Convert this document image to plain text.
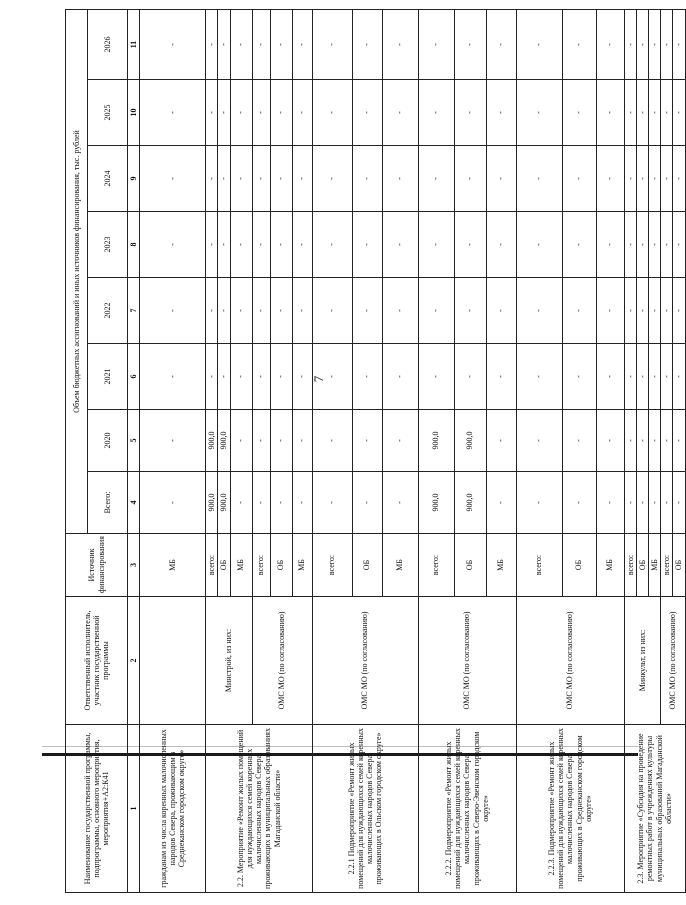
7
Наименование государственной программы, подпрограммы, основного мероприятия, мероприятия+А2:К41	Ответственный исполнитель, участник государственной программы	Источник финансирования	Объем бюджетных ассигнований и иных источников финансирования, тыс. рублей							
			Всего:	2020	2021	2022	2023	2024	2025	2026
1	2	3	4	5	6	7	8	9	10	11
гражданам из числа коренных малочисленных народов Севера, проживающим в Среднеканском городском округе»		МБ	-	-	-	-	-	-	-	-
2.2. Мероприятие «Ремонт жилых помещений для нуждающихся семей коренных малочисленных народов Севера, проживающих в муниципальных образованиях Магаданской области»	Минстрой, из них:	всего:	900,0	900,0	-	-	-	-	-	-
		ОБ	900,0	900,0	-	-	-	-	-	-
		МБ	-	-	-	-	-	-	-	-
	ОМС МО (по согласованию)	всего:	-	-	-	-	-	-	-	-
		ОБ	-	-	-	-	-	-	-	-
		МБ	-	-	-	-	-	-	-	-
2.2.1 Подмероприятие «Ремонт жилых помещений для нуждающихся семей коренных малочисленных народов Севера, проживающих в Ольском городском округе»	ОМС МО (по согласованию)	всего:	-	-	-	-	-	-	-	-
		ОБ	-	-	-	-	-	-	-	-
		МБ	-	-	-	-	-	-	-	-
2.2.2. Подмероприятие «Ремонт жилых помещений для нуждающихся семей коренных малочисленных народов Севера, проживающих в Северо-Эвенском городском округе»	ОМС МО (по согласованию)	всего:	900,0	900,0	-	-	-	-	-	-
		ОБ	900,0	900,0	-	-	-	-	-	-
		МБ	-	-	-	-	-	-	-	-
2.2.3. Подмероприятие «Ремонт жилых помещений для нуждающихся семей коренных малочисленных народов Севера, проживающих в Среднеканском городском округе»	ОМС МО (по согласованию)	всего:	-	-	-	-	-	-	-	-
		ОБ	-	-	-	-	-	-	-	-
		МБ	-	-	-	-	-	-	-	-
2.3. Мероприятие «Субсидия на проведение ремонтных работ в учреждениях культуры муниципальных образований Магаданской области»	Минкульт, из них:	всего:	-	-	-	-	-	-	-	-
		ОБ	-	-	-	-	-	-	-	-
		МБ	-	-	-	-	-	-	-	-
	ОМС МО (по согласованию)	всего:	-	-	-	-	-	-	-	-
		ОБ	-	-	-	-	-	-	-	-
